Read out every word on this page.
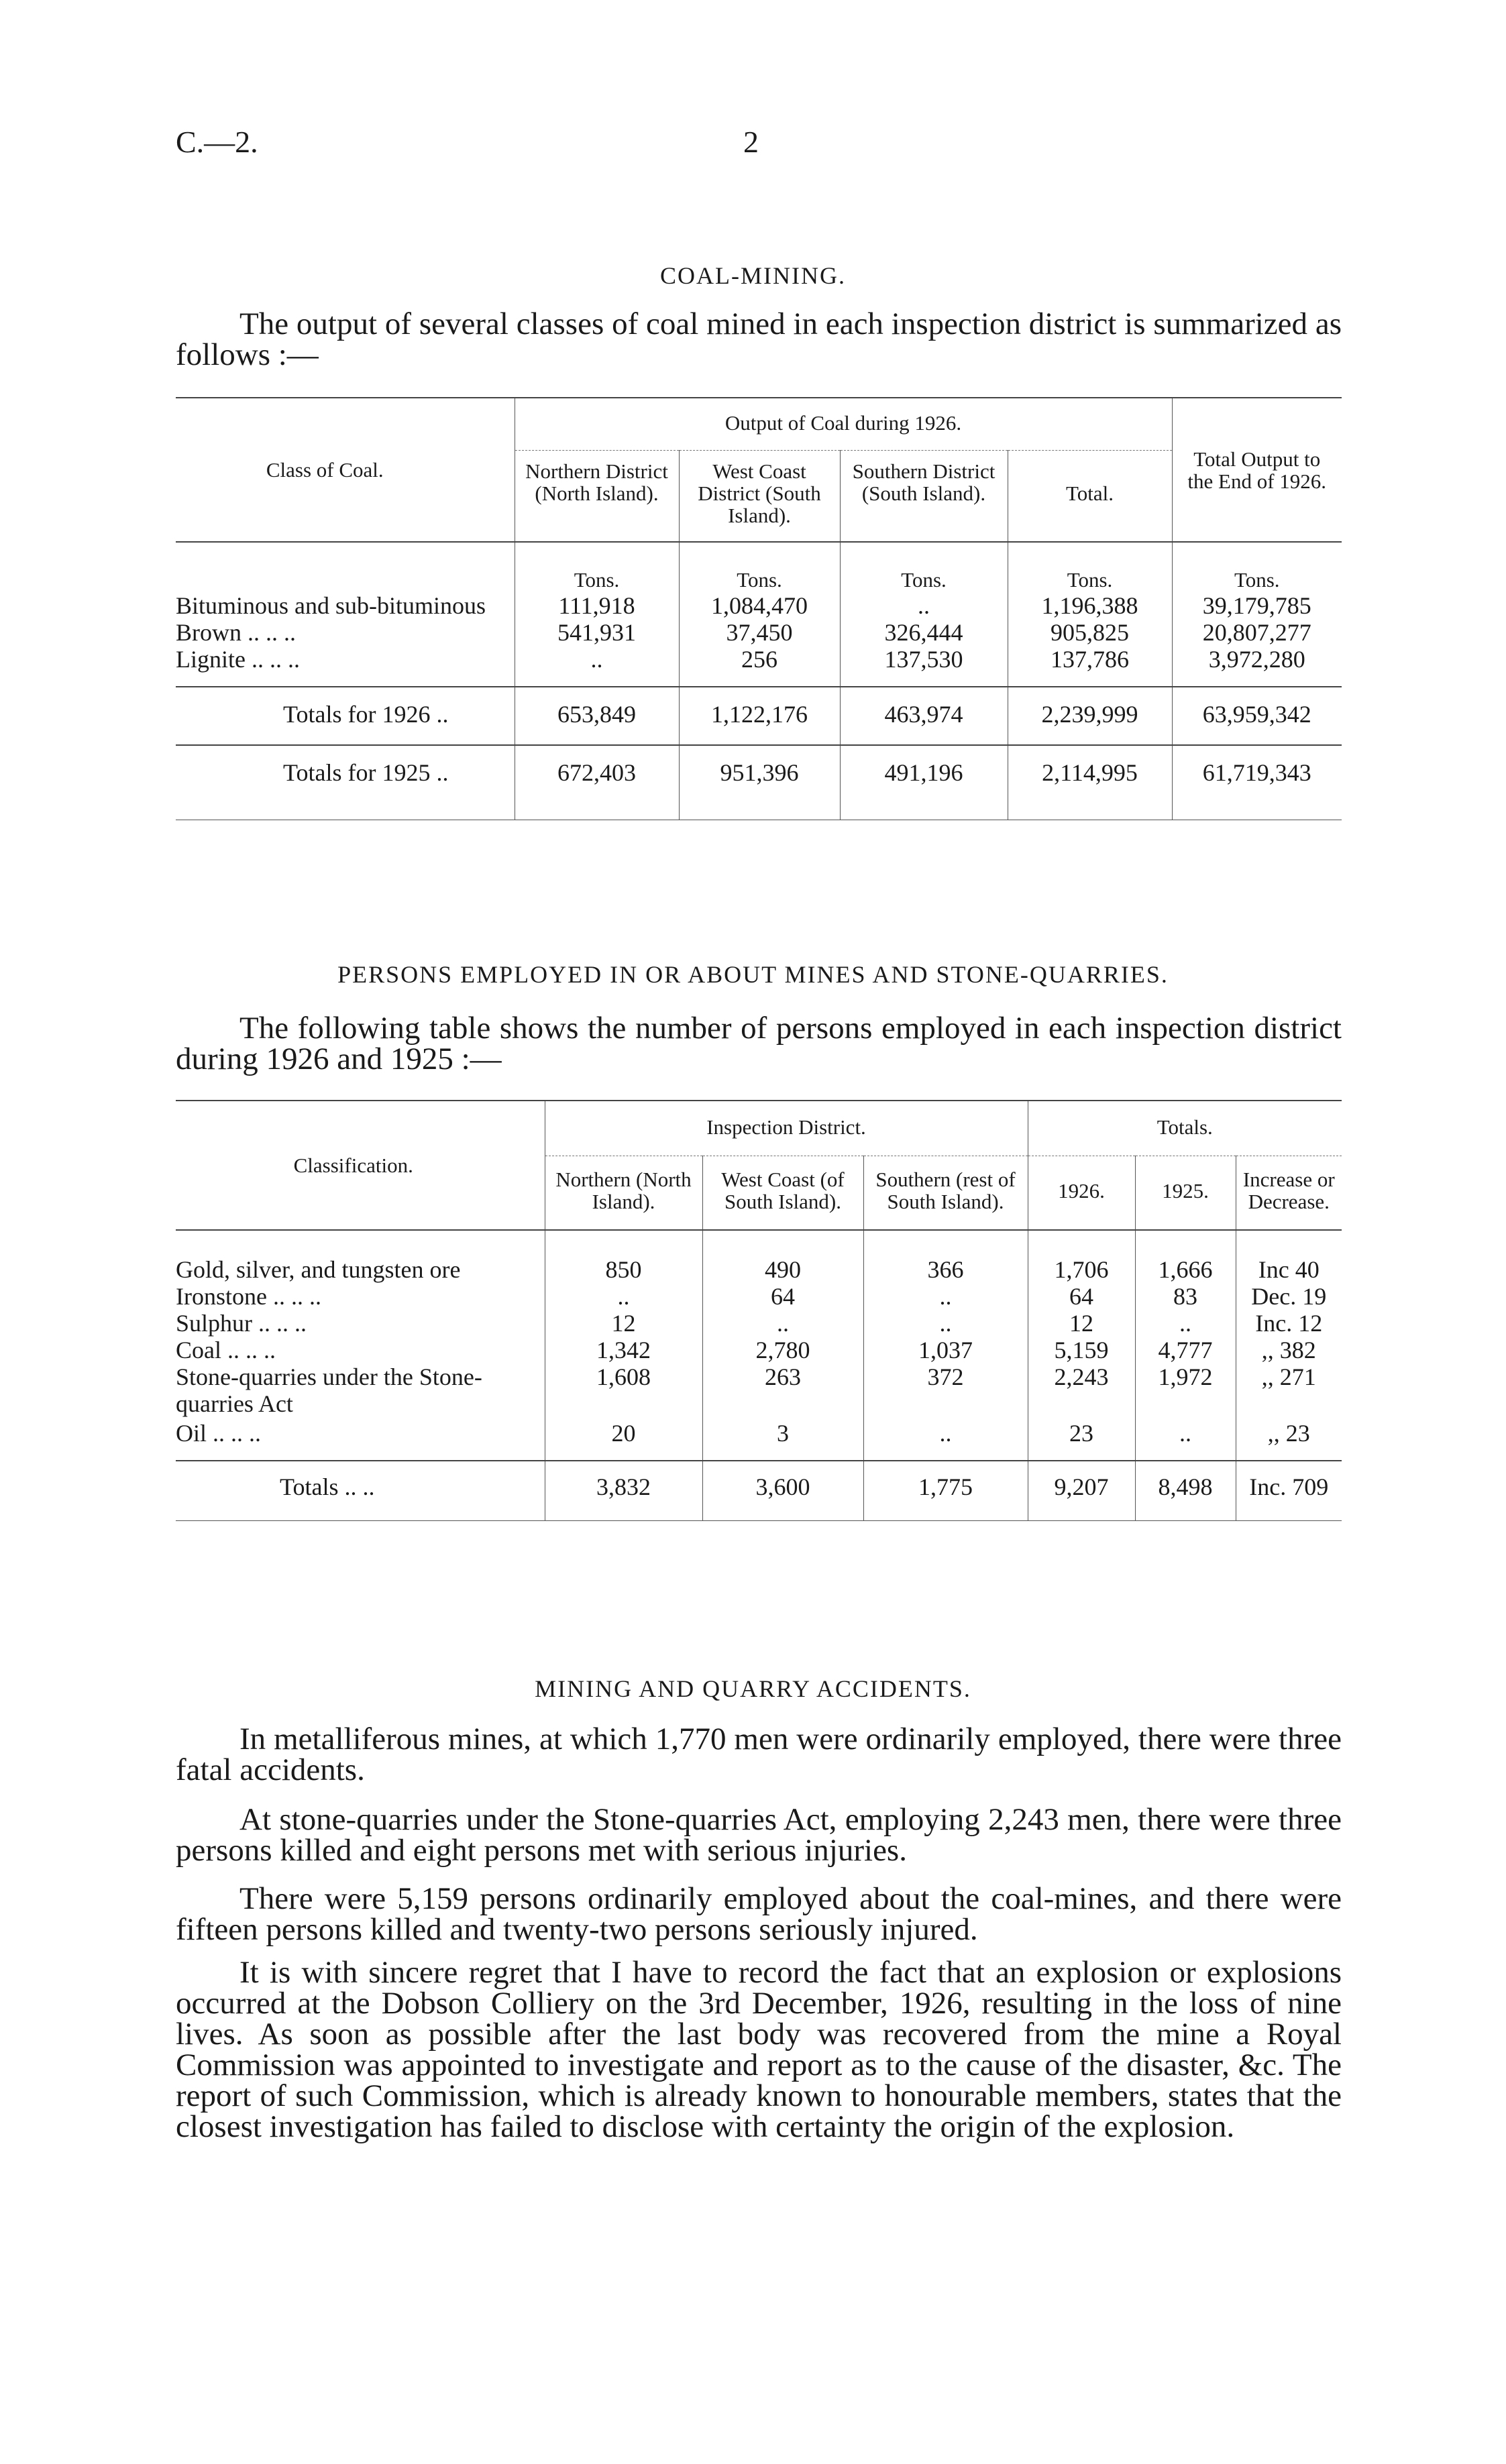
C.—2.	2
COAL-MINING.

The output of several classes of coal mined in each inspection district is summarized as follows :—

Class of Coal.	Output of Coal during 1926.				Total Output to the End of 1926.
	Northern District (North Island).	West Coast District (South Island).	Southern District (South Island).	Total.	
	Tons.	Tons.	Tons.	Tons.	Tons.
Bituminous and sub-bituminous	111,918	1,084,470	..	1,196,388	39,179,785
Brown .. .. ..	541,931	37,450	326,444	905,825	20,807,277
Lignite .. .. ..	..	256	137,530	137,786	3,972,280
Totals for 1926 ..	653,849	1,122,176	463,974	2,239,999	63,959,342
Totals for 1925 ..	672,403	951,396	491,196	2,114,995	61,719,343
PERSONS EMPLOYED IN OR ABOUT MINES AND STONE-QUARRIES.

The following table shows the number of persons employed in each inspection district during 1926 and 1925 :—

Classification.	Inspection District.			Totals.		
	Northern (North Island).	West Coast (of South Island).	Southern (rest of South Island).	1926.	1925.	Increase or Decrease.
Gold, silver, and tungsten ore	850	490	366	1,706	1,666	Inc 40
Ironstone .. .. ..	..	64	..	64	83	Dec. 19
Sulphur .. .. ..	12	..	..	12	..	Inc. 12
Coal .. .. ..	1,342	2,780	1,037	5,159	4,777	,, 382
Stone-quarries under the Stone-quarries Act	1,608	263	372	2,243	1,972	,, 271
Oil .. .. ..	20	3	..	23	..	,, 23
Totals .. ..	3,832	3,600	1,775	9,207	8,498	Inc. 709
MINING AND QUARRY ACCIDENTS.

In metalliferous mines, at which 1,770 men were ordinarily employed, there were three fatal accidents.

At stone-quarries under the Stone-quarries Act, employing 2,243 men, there were three persons killed and eight persons met with serious injuries.

There were 5,159 persons ordinarily employed about the coal-mines, and there were fifteen persons killed and twenty-two persons seriously injured.

It is with sincere regret that I have to record the fact that an explosion or explosions occurred at the Dobson Colliery on the 3rd December, 1926, resulting in the loss of nine lives. As soon as possible after the last body was recovered from the mine a Royal Commission was appointed to investigate and report as to the cause of the disaster, &c. The report of such Commission, which is already known to honourable members, states that the closest investigation has failed to disclose with certainty the origin of the explosion.
